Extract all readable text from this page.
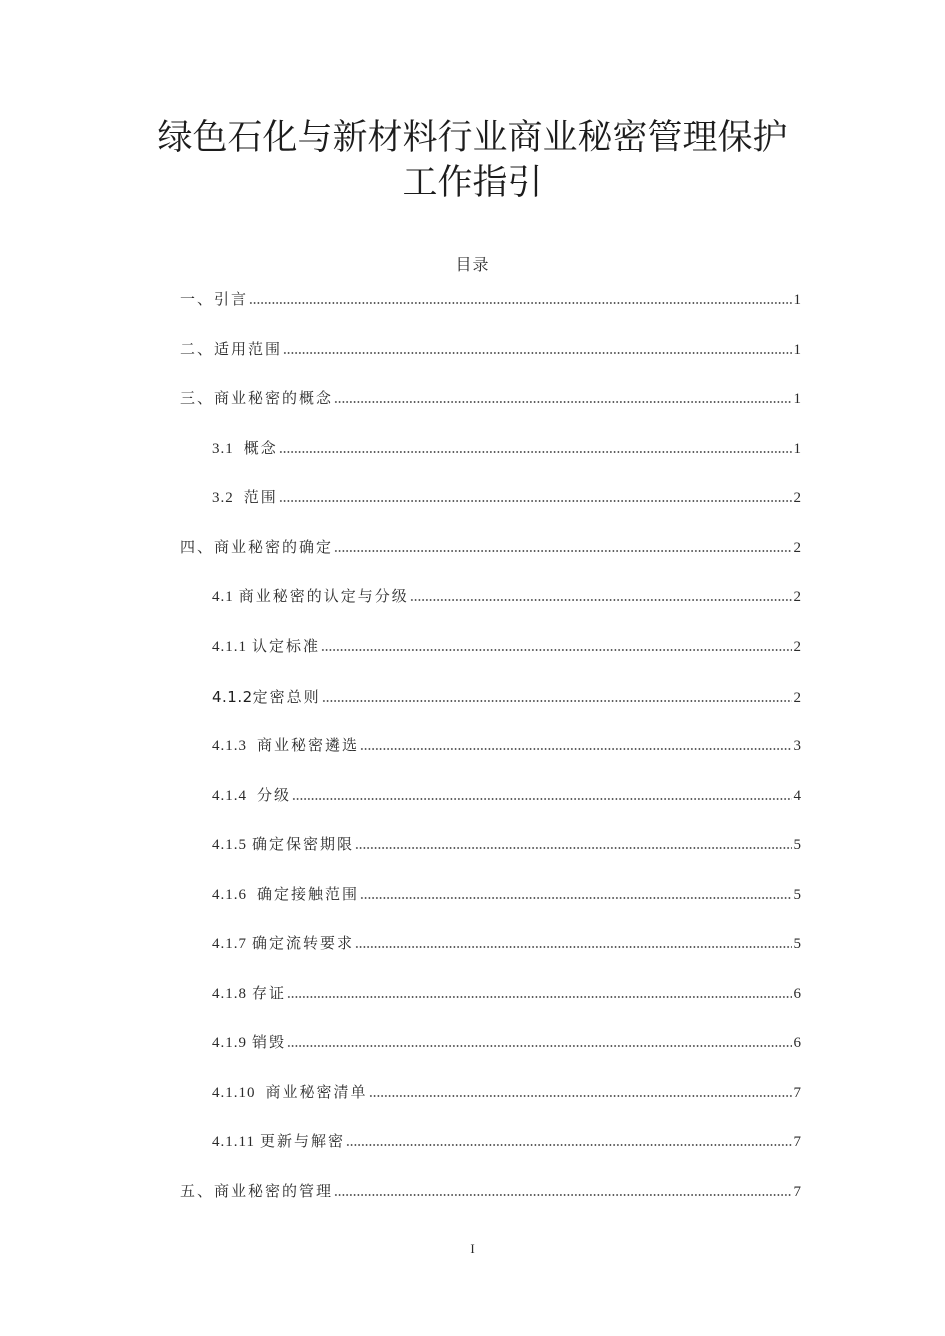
绿色石化与新材料行业商业秘密管理保护
工作指引
目录
一、引言	1
二、适用范围	1
三、商业秘密的概念	1
3.1 概念	1
3.2 范围	2
四、商业秘密的确定	2
4.1 商业秘密的认定与分级	2
4.1.1 认定标准	2
4.1.2 定密总则	2
4.1.3 商业秘密遴选	3
4.1.4 分级	4
4.1.5 确定保密期限	5
4.1.6 确定接触范围	5
4.1.7 确定流转要求	5
4.1.8 存证	6
4.1.9 销毁	6
4.1.10 商业秘密清单	7
4.1.11 更新与解密	7
五、商业秘密的管理	7
I
